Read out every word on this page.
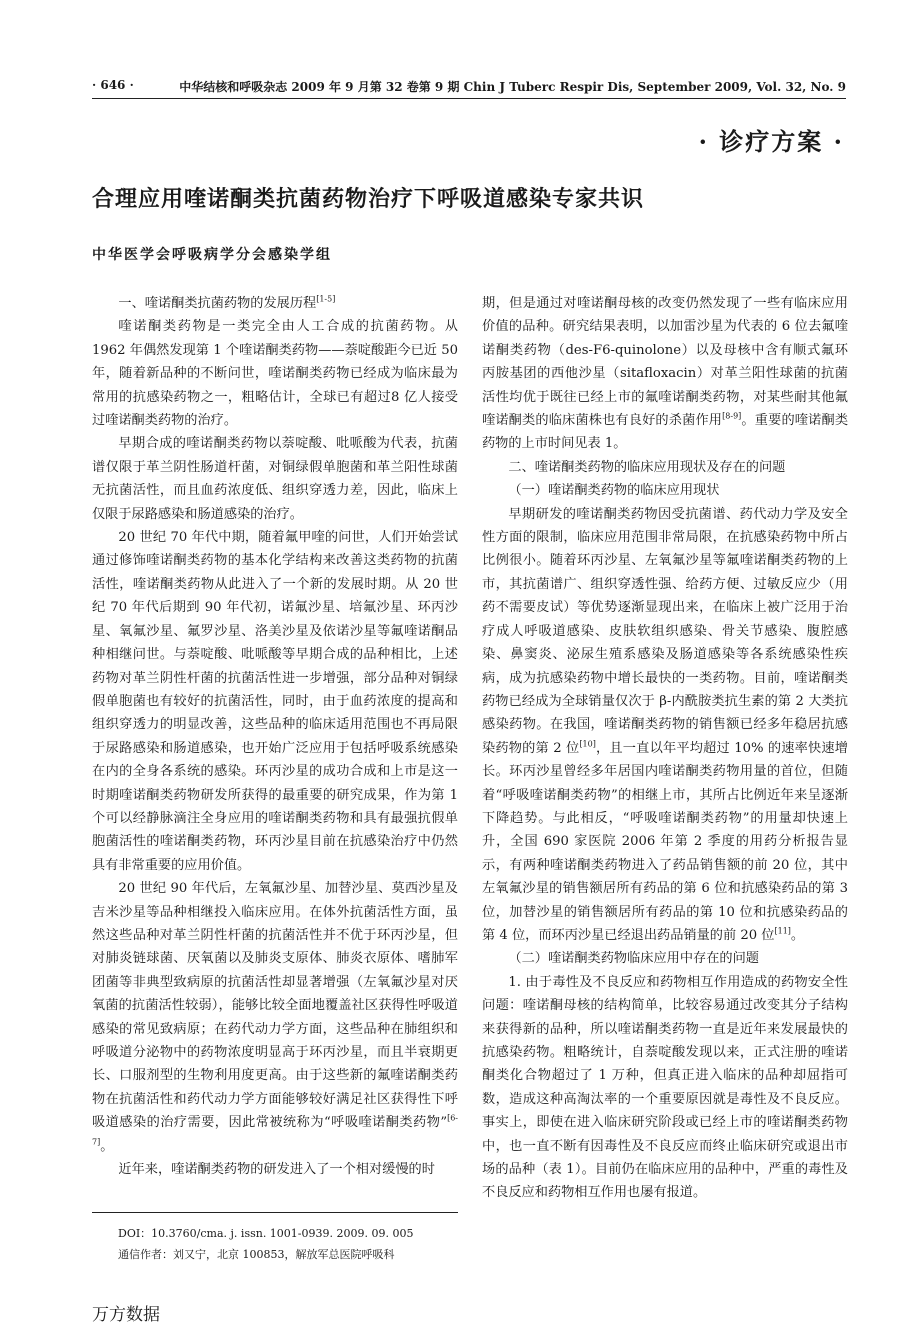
· 646 ·	中华结核和呼吸杂志 2009 年 9 月第 32 卷第 9 期 Chin J Tuberc Respir Dis, September 2009, Vol. 32, No. 9
· 诊疗方案 ·
合理应用喹诺酮类抗菌药物治疗下呼吸道感染专家共识
中华医学会呼吸病学分会感染学组
一、喹诺酮类抗菌药物的发展历程[1-5]

喹诺酮类药物是一类完全由人工合成的抗菌药物。从 1962 年偶然发现第 1 个喹诺酮类药物——萘啶酸距今已近 50 年，随着新品种的不断问世，喹诺酮类药物已经成为临床最为常用的抗感染药物之一，粗略估计，全球已有超过8 亿人接受过喹诺酮类药物的治疗。

早期合成的喹诺酮类药物以萘啶酸、吡哌酸为代表，抗菌谱仅限于革兰阴性肠道杆菌，对铜绿假单胞菌和革兰阳性球菌无抗菌活性，而且血药浓度低、组织穿透力差，因此，临床上仅限于尿路感染和肠道感染的治疗。

20 世纪 70 年代中期，随着氟甲喹的问世，人们开始尝试通过修饰喹诺酮类药物的基本化学结构来改善这类药物的抗菌活性，喹诺酮类药物从此进入了一个新的发展时期。从 20 世纪 70 年代后期到 90 年代初，诺氟沙星、培氟沙星、环丙沙星、氧氟沙星、氟罗沙星、洛美沙星及依诺沙星等氟喹诺酮品种相继问世。与萘啶酸、吡哌酸等早期合成的品种相比，上述药物对革兰阴性杆菌的抗菌活性进一步增强，部分品种对铜绿假单胞菌也有较好的抗菌活性，同时，由于血药浓度的提高和组织穿透力的明显改善，这些品种的临床适用范围也不再局限于尿路感染和肠道感染，也开始广泛应用于包括呼吸系统感染在内的全身各系统的感染。环丙沙星的成功合成和上市是这一时期喹诺酮类药物研发所获得的最重要的研究成果，作为第 1 个可以经静脉滴注全身应用的喹诺酮类药物和具有最强抗假单胞菌活性的喹诺酮类药物，环丙沙星目前在抗感染治疗中仍然具有非常重要的应用价值。

20 世纪 90 年代后，左氧氟沙星、加替沙星、莫西沙星及吉米沙星等品种相继投入临床应用。在体外抗菌活性方面，虽然这些品种对革兰阴性杆菌的抗菌活性并不优于环丙沙星，但对肺炎链球菌、厌氧菌以及肺炎支原体、肺炎衣原体、嗜肺军团菌等非典型致病原的抗菌活性却显著增强（左氧氟沙星对厌氧菌的抗菌活性较弱），能够比较全面地覆盖社区获得性呼吸道感染的常见致病原；在药代动力学方面，这些品种在肺组织和呼吸道分泌物中的药物浓度明显高于环丙沙星，而且半衰期更长、口服剂型的生物利用度更高。由于这些新的氟喹诺酮类药物在抗菌活性和药代动力学方面能够较好满足社区获得性下呼吸道感染的治疗需要，因此常被统称为“呼吸喹诺酮类药物”[6-7]。

近年来，喹诺酮类药物的研发进入了一个相对缓慢的时

期，但是通过对喹诺酮母核的改变仍然发现了一些有临床应用价值的品种。研究结果表明，以加雷沙星为代表的 6 位去氟喹诺酮类药物（des-F6-quinolone）以及母核中含有顺式氟环丙胺基团的西他沙星（sitafloxacin）对革兰阳性球菌的抗菌活性均优于既往已经上市的氟喹诺酮类药物，对某些耐其他氟喹诺酮类的临床菌株也有良好的杀菌作用[8-9]。重要的喹诺酮类药物的上市时间见表 1。

二、喹诺酮类药物的临床应用现状及存在的问题
（一）喹诺酮类药物的临床应用现状

早期研发的喹诺酮类药物因受抗菌谱、药代动力学及安全性方面的限制，临床应用范围非常局限，在抗感染药物中所占比例很小。随着环丙沙星、左氧氟沙星等氟喹诺酮类药物的上市，其抗菌谱广、组织穿透性强、给药方便、过敏反应少（用药不需要皮试）等优势逐渐显现出来，在临床上被广泛用于治疗成人呼吸道感染、皮肤软组织感染、骨关节感染、腹腔感染、鼻窦炎、泌尿生殖系感染及肠道感染等各系统感染性疾病，成为抗感染药物中增长最快的一类药物。目前，喹诺酮类药物已经成为全球销量仅次于 β-内酰胺类抗生素的第 2 大类抗感染药物。在我国，喹诺酮类药物的销售额已经多年稳居抗感染药物的第 2 位[10]，且一直以年平均超过 10% 的速率快速增长。环丙沙星曾经多年居国内喹诺酮类药物用量的首位，但随着“呼吸喹诺酮类药物”的相继上市，其所占比例近年来呈逐渐下降趋势。与此相反，“呼吸喹诺酮类药物”的用量却快速上升，全国 690 家医院 2006 年第 2 季度的用药分析报告显示，有两种喹诺酮类药物进入了药品销售额的前 20 位，其中左氧氟沙星的销售额居所有药品的第 6 位和抗感染药品的第 3 位，加替沙星的销售额居所有药品的第 10 位和抗感染药品的第 4 位，而环丙沙星已经退出药品销量的前 20 位[11]。

（二）喹诺酮类药物临床应用中存在的问题

1. 由于毒性及不良反应和药物相互作用造成的药物安全性问题：喹诺酮母核的结构简单，比较容易通过改变其分子结构来获得新的品种，所以喹诺酮类药物一直是近年来发展最快的抗感染药物。粗略统计，自萘啶酸发现以来，正式注册的喹诺酮类化合物超过了 1 万种，但真正进入临床的品种却屈指可数，造成这种高淘汰率的一个重要原因就是毒性及不良反应。事实上，即使在进入临床研究阶段或已经上市的喹诺酮类药物中，也一直不断有因毒性及不良反应而终止临床研究或退出市场的品种（表 1）。目前仍在临床应用的品种中，严重的毒性及不良反应和药物相互作用也屡有报道。

DOI：10.3760/cma. j. issn. 1001-0939. 2009. 09. 005
通信作者：刘又宁，北京 100853，解放军总医院呼吸科
万方数据
